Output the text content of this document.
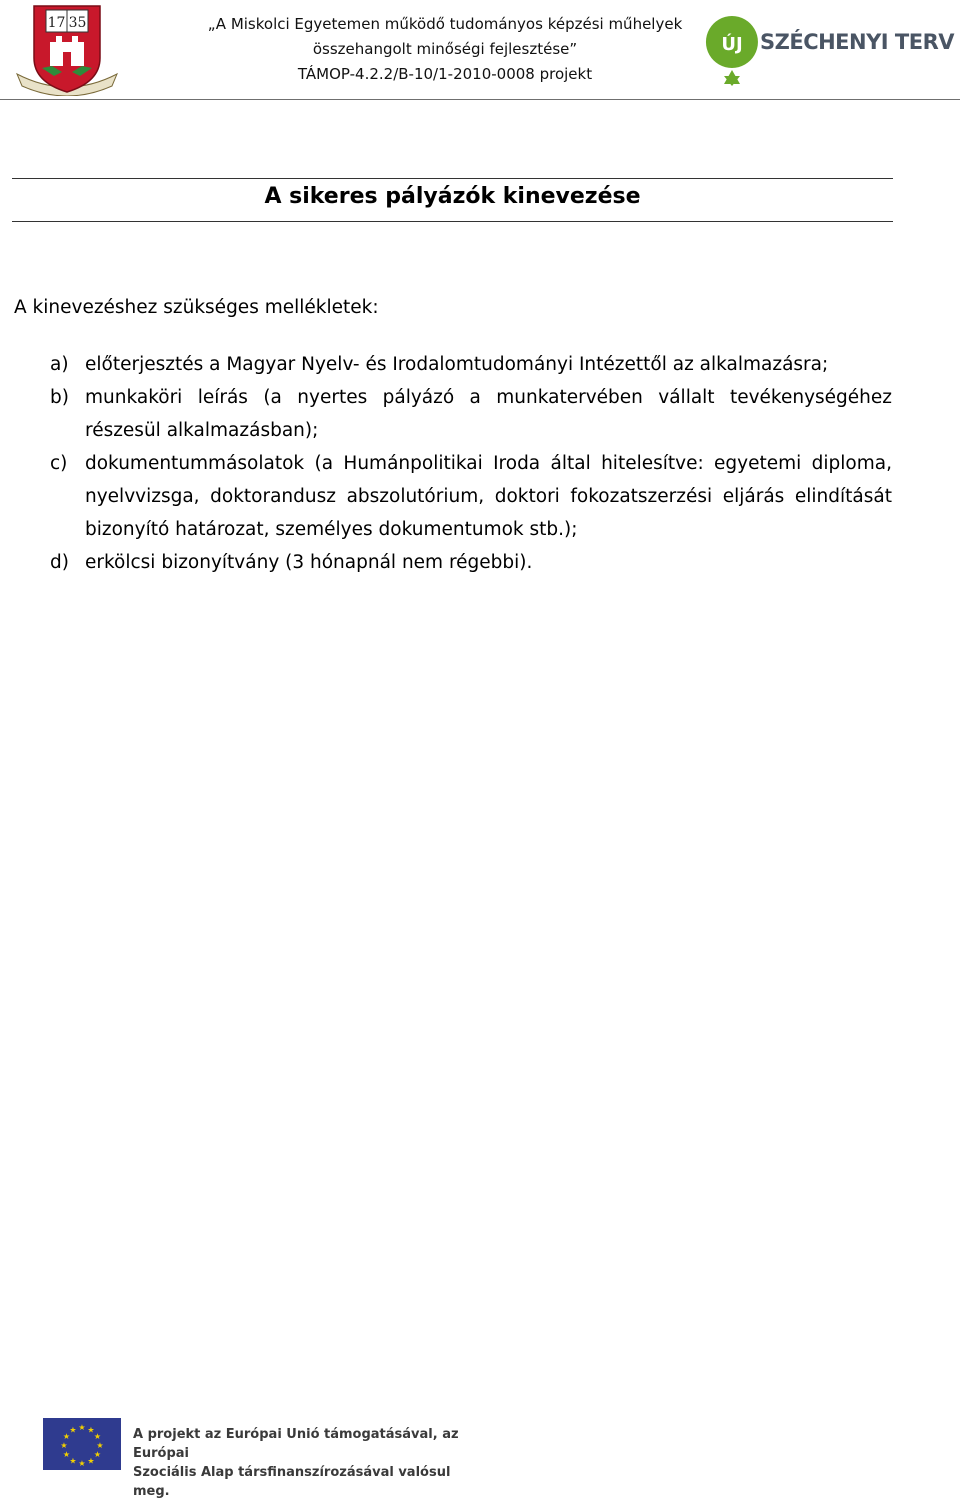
17 35	„A Miskolci Egyetemen működő tudományos képzési műhelyek
összehangolt minőségi fejlesztése”
TÁMOP-4.2.2/B-10/1-2010-0008 projekt
ÚJ SZÉCHENYI TERV
A sikeres pályázók kinevezése
A kinevezéshez szükséges mellékletek:
a) előterjesztés a Magyar Nyelv- és Irodalomtudományi Intézettől az alkalmazásra;
b) munkaköri leírás (a nyertes pályázó a munkatervében vállalt tevékenységéhez részesül alkalmazásban);
c) dokumentummásolatok (a Humánpolitikai Iroda által hitelesítve: egyetemi diploma, nyelvvizsga, doktorandusz abszolutórium, doktori fokozatszerzési eljárás elindítását bizonyító határozat, személyes dokumentumok stb.);
d) erkölcsi bizonyítvány (3 hónapnál nem régebbi).
★ ★
★
★
★
★
★
★
★
★
★
★	A projekt az Európai Unió támogatásával, az Európai
Szociális Alap társfinanszírozásával valósul meg.
